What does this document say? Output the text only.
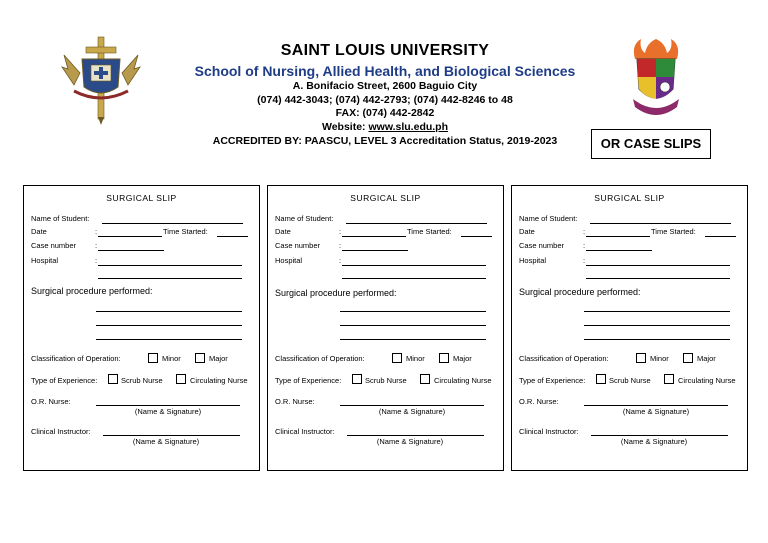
SAINT LOUIS UNIVERSITY
School of Nursing, Allied Health, and Biological Sciences
A. Bonifacio Street, 2600 Baguio City
(074) 442-3043; (074) 442-2793; (074) 442-8246 to 48
FAX: (074) 442-2842
Website: www.slu.edu.ph
ACCREDITED BY: PAASCU, LEVEL 3 Accreditation Status, 2019-2023	OR CASE SLIPS
SURGICAL SLIP
Name of Student:
Date	:	Time Started:
Case number	:
Hospital	:
Surgical procedure performed:
Classification of Operation:	Minor	Major
Type of Experience:	Scrub Nurse	Circulating Nurse
O.R. Nurse:
(Name & Signature)
Clinical Instructor:
(Name & Signature)
SURGICAL SLIP
Name of Student:
Date	:	Time Started:
Case number	:
Hospital	:
Surgical procedure performed:
Classification of Operation:	Minor	Major
Type of Experience:	Scrub Nurse	Circulating Nurse
O.R. Nurse:
(Name & Signature)
Clinical Instructor:
(Name & Signature)
SURGICAL SLIP
Name of Student:
Date	:	Time Started:
Case number	:
Hospital	:
Surgical procedure performed:
Classification of Operation:	Minor	Major
Type of Experience:	Scrub Nurse	Circulating Nurse
O.R. Nurse:
(Name & Signature)
Clinical Instructor:
(Name & Signature)
